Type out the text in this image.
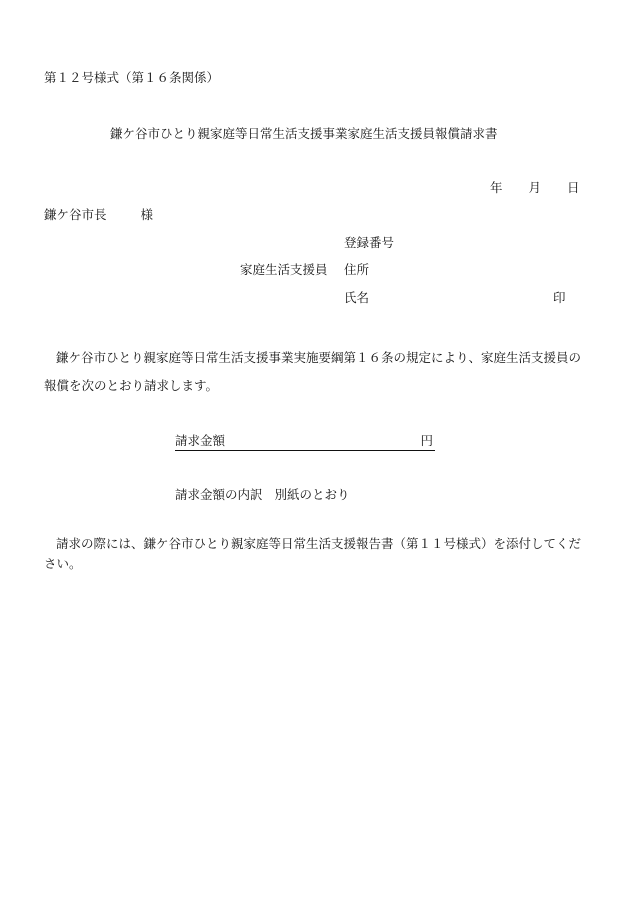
第１２号様式（第１６条関係）
鎌ケ谷市ひとり親家庭等日常生活支援事業家庭生活支援員報償請求書
年 月 日
鎌ケ谷市長	様
登録番号
家庭生活支援員 住所
氏名	印
鎌ケ谷市ひとり親家庭等日常生活支援事業実施要綱第１６条の規定により、家庭生活支援員の報償を次のとおり請求します。
請求金額	円
請求金額の内訳 別紙のとおり
請求の際には、鎌ケ谷市ひとり親家庭等日常生活支援報告書（第１１号様式）を添付してください。
